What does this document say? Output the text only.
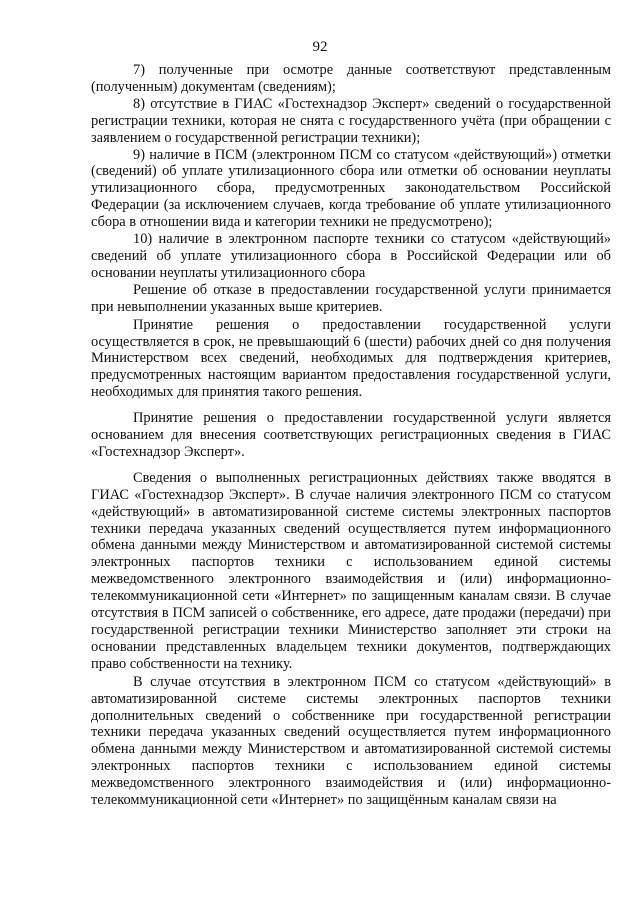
92

7) полученные при осмотре данные соответствуют представленным (полученным) документам (сведениям);

8) отсутствие в ГИАС «Гостехнадзор Эксперт» сведений о государственной регистрации техники, которая не снята с государственного учёта (при обращении с заявлением о государственной регистрации техники);

9) наличие в ПСМ (электронном ПСМ со статусом «действующий») отметки (сведений) об уплате утилизационного сбора или отметки об основании неуплаты утилизационного сбора, предусмотренных законодательством Российской Федерации (за исключением случаев, когда требование об уплате утилизационного сбора в отношении вида и категории техники не предусмотрено);

10) наличие в электронном паспорте техники со статусом «действующий» сведений об уплате утилизационного сбора в Российской Федерации или об основании неуплаты утилизационного сбора

Решение об отказе в предоставлении государственной услуги принимается при невыполнении указанных выше критериев.

Принятие решения о предоставлении государственной услуги осуществляется в срок, не превышающий 6 (шести) рабочих дней со дня получения Министерством всех сведений, необходимых для подтверждения критериев, предусмотренных настоящим вариантом предоставления государственной услуги, необходимых для принятия такого решения.

Принятие решения о предоставлении государственной услуги является основанием для внесения соответствующих регистрационных сведения в ГИАС «Гостехнадзор Эксперт».

Сведения о выполненных регистрационных действиях также вводятся в ГИАС «Гостехнадзор Эксперт». В случае наличия электронного ПСМ со статусом «действующий» в автоматизированной системе системы электронных паспортов техники передача указанных сведений осуществляется путем информационного обмена данными между Министерством и автоматизированной системой системы электронных паспортов техники с использованием единой системы межведомственного электронного взаимодействия и (или) информационно-телекоммуникационной сети «Интернет» по защищенным каналам связи. В случае отсутствия в ПСМ записей о собственнике, его адресе, дате продажи (передачи) при государственной регистрации техники Министерство заполняет эти строки на основании представленных владельцем техники документов, подтверждающих право собственности на технику.

В случае отсутствия в электронном ПСМ со статусом «действующий» в автоматизированной системе системы электронных паспортов техники дополнительных сведений о собственнике при государственной регистрации техники передача указанных сведений осуществляется путем информационного обмена данными между Министерством и автоматизированной системой системы электронных паспортов техники с использованием единой системы межведомственного электронного взаимодействия и (или) информационно-телекоммуникационной сети «Интернет» по защищённым каналам связи на
